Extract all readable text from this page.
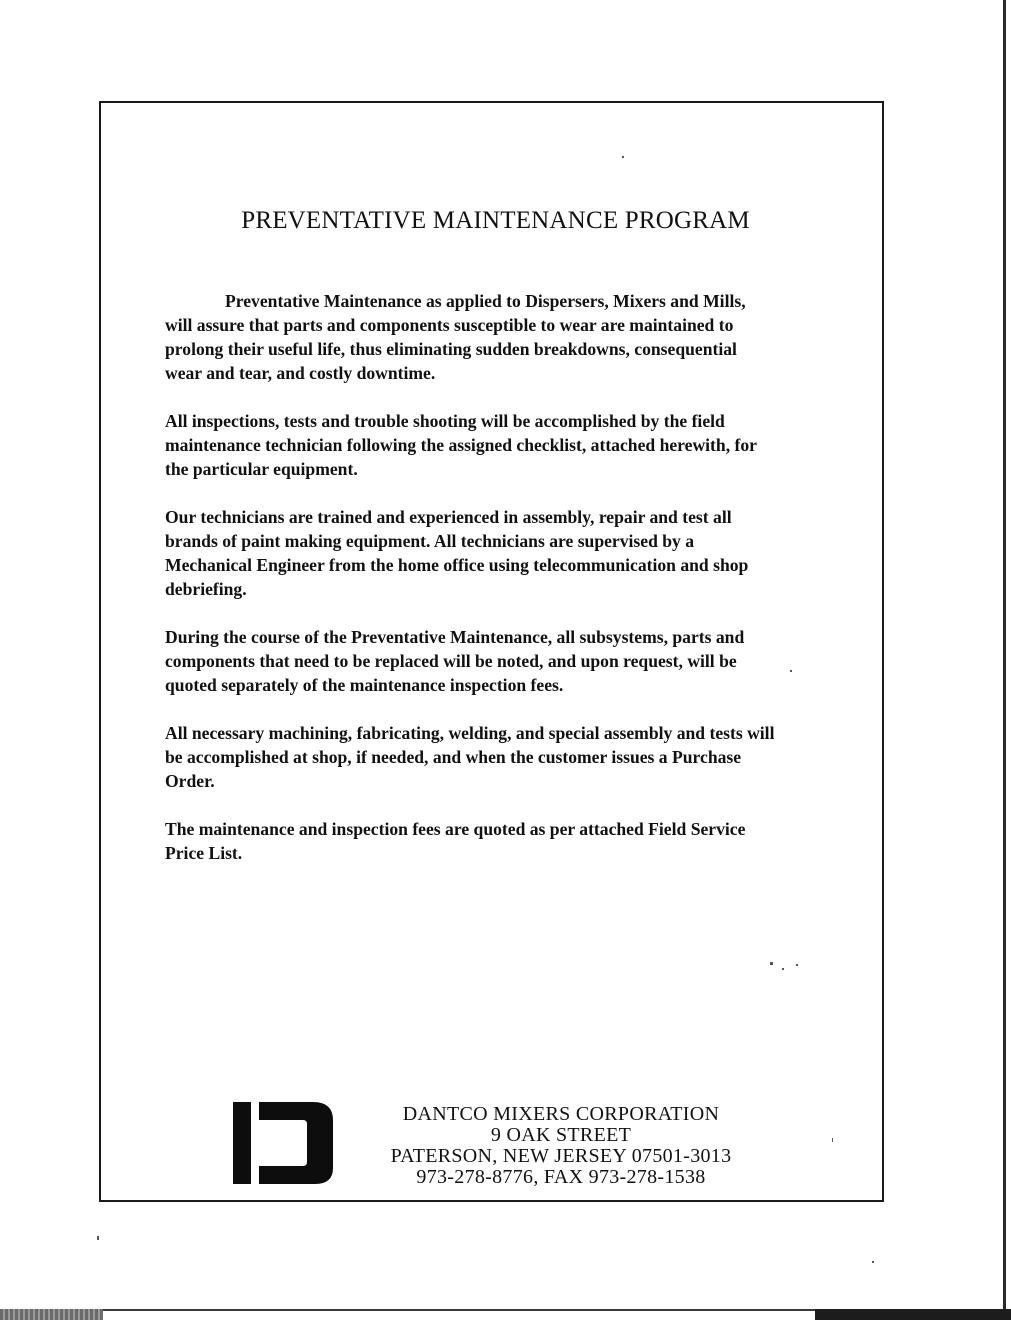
PREVENTATIVE MAINTENANCE PROGRAM

Preventative Maintenance as applied to Dispersers, Mixers and Mills, will assure that parts and components susceptible to wear are maintained to prolong their useful life, thus eliminating sudden breakdowns, consequential wear and tear, and costly downtime.

All inspections, tests and trouble shooting will be accomplished by the field maintenance technician following the assigned checklist, attached herewith, for the particular equipment.

Our technicians are trained and experienced in assembly, repair and test all brands of paint making equipment. All technicians are supervised by a Mechanical Engineer from the home office using telecommunication and shop debriefing.

During the course of the Preventative Maintenance, all subsystems, parts and components that need to be replaced will be noted, and upon request, will be quoted separately of the maintenance inspection fees.

All necessary machining, fabricating, welding, and special assembly and tests will be accomplished at shop, if needed, and when the customer issues a Purchase Order.

The maintenance and inspection fees are quoted as per attached Field Service Price List.

DANTCO MIXERS CORPORATION
9 OAK STREET
PATERSON, NEW JERSEY 07501-3013
973-278-8776, FAX 973-278-1538
